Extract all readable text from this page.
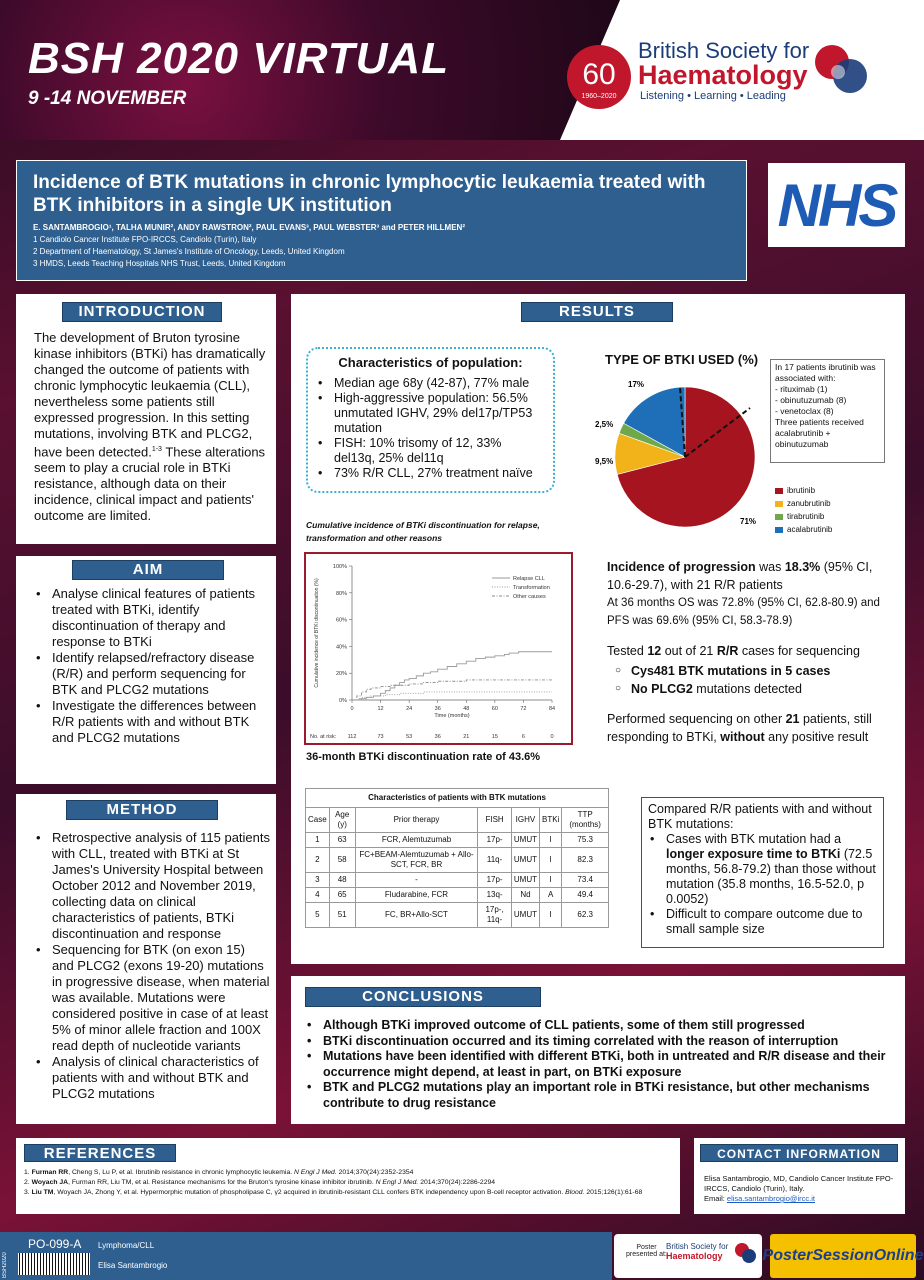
BSH 2020 VIRTUAL
9 -14 NOVEMBER
60
1960–2020
British Society for
Haematology
Listening • Learning • Leading
Incidence of BTK mutations in chronic lymphocytic leukaemia treated with BTK inhibitors in a single UK institution
E. SANTAMBROGIO¹, TALHA MUNIR², ANDY RAWSTRON², PAUL EVANS³, PAUL WEBSTER³ and PETER HILLMEN²
1 Candiolo Cancer Institute FPO-IRCCS, Candiolo (Turin), Italy
2 Department of Haematology, St James's Institute of Oncology, Leeds, United Kingdom
3 HMDS, Leeds Teaching Hospitals NHS Trust, Leeds, United Kingdom
NHS
INTRODUCTION
The development of Bruton tyrosine kinase inhibitors (BTKi) has dramatically changed the outcome of patients with chronic lymphocytic leukaemia (CLL), nevertheless some patients still expressed progression. In this setting mutations, involving BTK and PLCG2, have been detected.$^{1-3}$ These alterations seem to play a crucial role in BTKi resistance, although data on their incidence, clinical impact and patients' outcome are limited.
AIM
• Analyse clinical features of patients treated with BTKi, identify discontinuation of therapy and response to BTKi
• Identify relapsed/refractory disease (R/R) and perform sequencing for BTK and PLCG2 mutations
• Investigate the differences between R/R patients with and without BTK and PLCG2 mutations
METHOD
• Retrospective analysis of 115 patients with CLL, treated with BTKi at St James's University Hospital between October 2012 and November 2019, collecting data on clinical characteristics of patients, BTKi discontinuation and response
• Sequencing for BTK (on exon 15) and PLCG2 (exons 19-20) mutations in progressive disease, when material was available. Mutations were considered positive in case of at least 5% of minor allele fraction and 100X read depth of nucleotide variants
• Analysis of clinical characteristics of patients with and without BTK and PLCG2 mutations
RESULTS
Characteristics of population:
• Median age 68y (42-87), 77% male
• High-aggressive population: 56.5% unmutated IGHV, 29% del17p/TP53 mutation
• FISH: 10% trisomy of 12, 33% del13q, 25% del11q
• 73% R/R CLL, 27% treatment naïve
TYPE OF BTKI USED (%)
71%
9,5%
2,5%
17%
In 17 patients ibrutinib was associated with:
- rituximab (1)
- obinutuzumab (8)
- venetoclax (8)
Three patients received acalabrutinib + obinutuzumab
ibrutinib
zanubrutinib
tirabrutinib
acalabrutinib
Cumulative incidence of BTKi discontinuation for relapse, transformation and other reasons
0%
20%
40%
60%
80%
100%
0	12	24	36	48	60	72	84
Time (months)
Cumulative incidence of BTKi discontinuation (%)	Relapse CLL
Transformation
Other causes
No. at risk: 112	73	53	36	21	15	6	0
36-month BTKi discontinuation rate of 43.6%

Incidence of progression was 18.3% (95% CI, 10.6-29.7), with 21 R/R patients

At 36 months OS was 72.8% (95% CI, 62.8-80.9) and PFS was 69.6% (95% CI, 58.3-78.9)

Tested 12 out of 21 R/R cases for sequencing

○ Cys481 BTK mutations in 5 cases
○ No PLCG2 mutations detected

Performed sequencing on other 21 patients, still responding to BTKi, without any positive result

Characteristics of patients with BTK mutations						
Case	Age (y)	Prior therapy	FISH	IGHV	BTKi	TTP (months)
1	63	FCR, Alemtuzumab	17p-	UMUT	I	75.3
2	58	FC+BEAM-Alemtuzumab + Allo-SCT, FCR, BR	11q-	UMUT	I	82.3
3	48	-	17p-	UMUT	I	73.4
4	65	Fludarabine, FCR	13q-	Nd	A	49.4
5	51	FC, BR+Allo-SCT	17p-, 11q-	UMUT	I	62.3
Compared R/R patients with and without BTK mutations:
• Cases with BTK mutation had a longer exposure time to BTKi (72.5 months, 56.8-79.2) than those without mutation (35.8 months, 16.5-52.0, p 0.0052)
• Difficult to compare outcome due to small sample size
CONCLUSIONS
• Although BTKi improved outcome of CLL patients, some of them still progressed
• BTKi discontinuation occurred and its timing correlated with the reason of interruption
• Mutations have been identified with different BTKi, both in untreated and R/R disease and their occurrence might depend, at least in part, on BTKi exposure
• BTK and PLCG2 mutations play an important role in BTKi resistance, but other mechanisms contribute to drug resistance
REFERENCES
1. Furman RR, Cheng S, Lu P, et al. Ibrutinib resistance in chronic lymphocytic leukemia. N Engl J Med. 2014;370(24):2352-2354
2. Woyach JA, Furman RR, Liu TM, et al. Resistance mechanisms for the Bruton's tyrosine kinase inhibitor ibrutinib. N Engl J Med. 2014;370(24):2286-2294
3. Liu TM, Woyach JA, Zhong Y, et al. Hypermorphic mutation of phospholipase C, γ2 acquired in ibrutinib-resistant CLL confers BTK independency upon B-cell receptor activation. Blood. 2015;126(1):61-68
CONTACT INFORMATION
Elisa Santambrogio, MD, Candiolo Cancer Institute FPO-IRCCS, Candiolo (Turin), Italy.
Email: elisa.santambrogio@ircc.it
BSH2020
PO-099-A Lymphoma/CLL
Elisa Santambrogio
Poster
presented at:
British Society for
Haematology	PosterSessionOnline
